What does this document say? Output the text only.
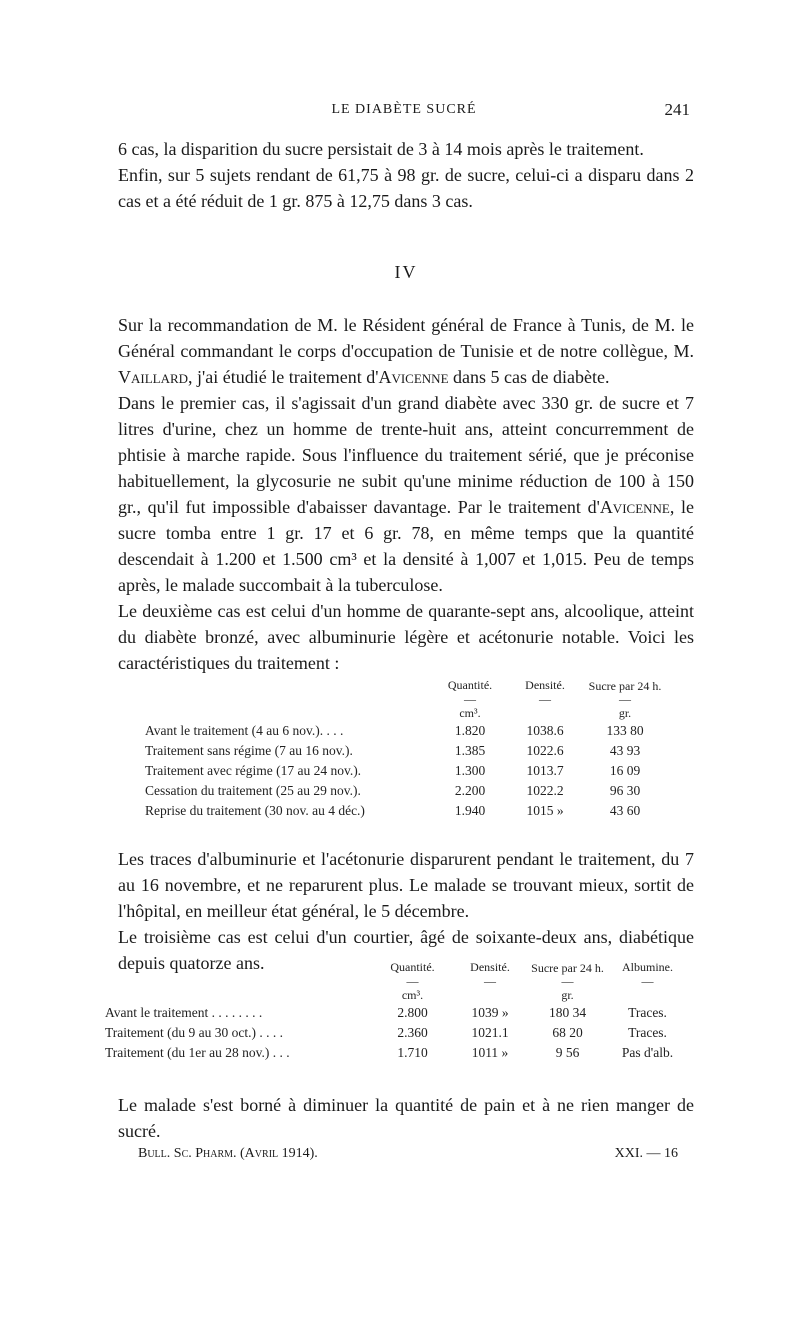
LE DIABÈTE SUCRÉ	241

6 cas, la disparition du sucre persistait de 3 à 14 mois après le traitement.

Enfin, sur 5 sujets rendant de 61,75 à 98 gr. de sucre, celui-ci a disparu dans 2 cas et a été réduit de 1 gr. 875 à 12,75 dans 3 cas.

IV

Sur la recommandation de M. le Résident général de France à Tunis, de M. le Général commandant le corps d'occupation de Tunisie et de notre collègue, M. Vaillard, j'ai étudié le traitement d'Avicenne dans 5 cas de diabète.

Dans le premier cas, il s'agissait d'un grand diabète avec 330 gr. de sucre et 7 litres d'urine, chez un homme de trente-huit ans, atteint concurremment de phtisie à marche rapide. Sous l'influence du traitement sérié, que je préconise habituellement, la glycosurie ne subit qu'une minime réduction de 100 à 150 gr., qu'il fut impossible d'abaisser davantage. Par le traitement d'Avicenne, le sucre tomba entre 1 gr. 17 et 6 gr. 78, en même temps que la quantité descendait à 1.200 et 1.500 cm³ et la densité à 1,007 et 1,015. Peu de temps après, le malade succombait à la tuberculose.

Le deuxième cas est celui d'un homme de quarante-sept ans, alcoolique, atteint du diabète bronzé, avec albuminurie légère et acétonurie notable. Voici les caractéristiques du traitement :

	Quantité.	Densité.	Sucre par 24 h.
	—	—	—
	cm³.		gr.
Avant le traitement (4 au 6 nov.). . . .	1.820	1038.6	133 80
Traitement sans régime (7 au 16 nov.).	1.385	1022.6	43 93
Traitement avec régime (17 au 24 nov.).	1.300	1013.7	16 09
Cessation du traitement (25 au 29 nov.).	2.200	1022.2	96 30
Reprise du traitement (30 nov. au 4 déc.)	1.940	1015 »	43 60

Les traces d'albuminurie et l'acétonurie disparurent pendant le traitement, du 7 au 16 novembre, et ne reparurent plus. Le malade se trouvant mieux, sortit de l'hôpital, en meilleur état général, le 5 décembre.

Le troisième cas est celui d'un courtier, âgé de soixante-deux ans, diabétique depuis quatorze ans.

		Quantité.	Densité.	Sucre par 24 h.	Albumine.
	—	—	—	—
	cm³.		gr.	
Avant le traitement . . . . . . . .	2.800	1039 »	180 34	Traces.
Traitement (du 9 au 30 oct.) . . . .	2.360	1021.1	68 20	Traces.
Traitement (du 1er au 28 nov.) . . .	1.710	1011 »	9 56	Pas d'alb.

Le malade s'est borné à diminuer la quantité de pain et à ne rien manger de sucré.

Bull. Sc. Pharm. (Avril 1914).	XXI. — 16
